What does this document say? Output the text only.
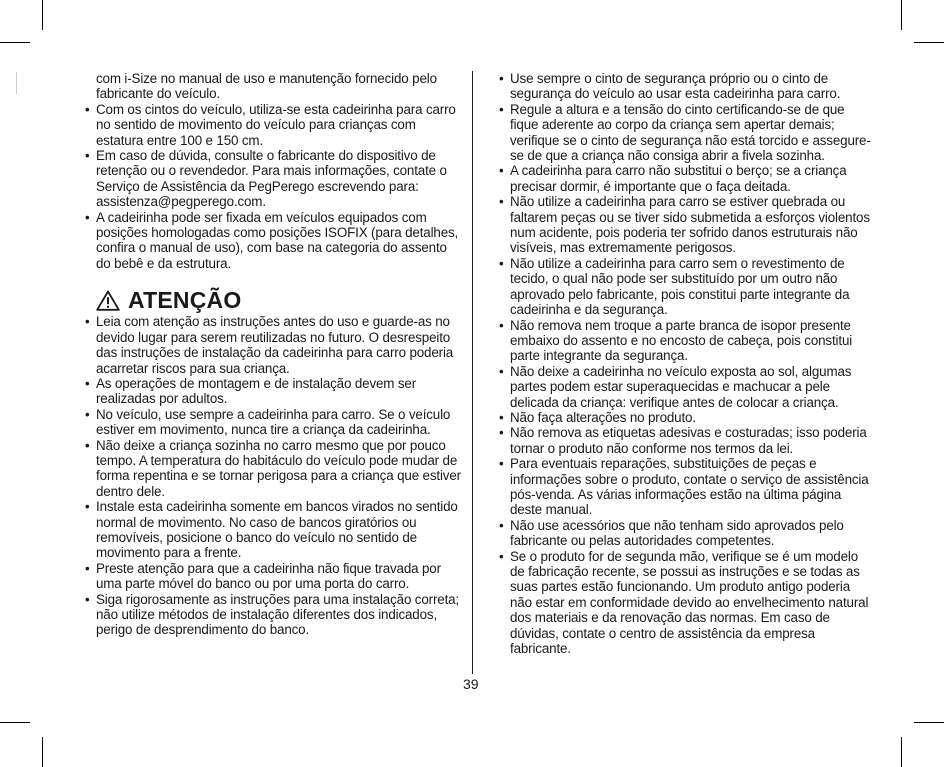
com i-Size no manual de uso e manutenção fornecido pelo fabricante do veículo.

• Com os cintos do veículo, utiliza-se esta cadeirinha para carro no sentido de movimento do veículo para crianças com estatura entre 100 e 150 cm.

• Em caso de dúvida, consulte o fabricante do dispositivo de retenção ou o revendedor. Para mais informações, contate o Serviço de Assistência da PegPerego escrevendo para: assistenza@pegperego.com.

• A cadeirinha pode ser fixada em veículos equipados com posições homologadas como posições ISOFIX (para detalhes, confira o manual de uso), com base na categoria do assento do bebê e da estrutura.

ATENÇÃO

• Leia com atenção as instruções antes do uso e guarde-as no devido lugar para serem reutilizadas no futuro. O desrespeito das instruções de instalação da cadeirinha para carro poderia acarretar riscos para sua criança.

• As operações de montagem e de instalação devem ser realizadas por adultos.

• No veículo, use sempre a cadeirinha para carro. Se o veículo estiver em movimento, nunca tire a criança da cadeirinha.

• Não deixe a criança sozinha no carro mesmo que por pouco tempo. A temperatura do habitáculo do veículo pode mudar de forma repentina e se tornar perigosa para a criança que estiver dentro dele.

• Instale esta cadeirinha somente em bancos virados no sentido normal de movimento. No caso de bancos giratórios ou removíveis, posicione o banco do veículo no sentido de movimento para a frente.

• Preste atenção para que a cadeirinha não fique travada por uma parte móvel do banco ou por uma porta do carro.

• Siga rigorosamente as instruções para uma instalação correta; não utilize métodos de instalação diferentes dos indicados, perigo de desprendimento do banco.

• Use sempre o cinto de segurança próprio ou o cinto de segurança do veículo ao usar esta cadeirinha para carro.

• Regule a altura e a tensão do cinto certificando-se de que fique aderente ao corpo da criança sem apertar demais; verifique se o cinto de segurança não está torcido e assegure-se de que a criança não consiga abrir a fivela sozinha.

• A cadeirinha para carro não substitui o berço; se a criança precisar dormir, é importante que o faça deitada.

• Não utilize a cadeirinha para carro se estiver quebrada ou faltarem peças ou se tiver sido submetida a esforços violentos num acidente, pois poderia ter sofrido danos estruturais não visíveis, mas extremamente perigosos.

• Não utilize a cadeirinha para carro sem o revestimento de tecido, o qual não pode ser substituído por um outro não aprovado pelo fabricante, pois constitui parte integrante da cadeirinha e da segurança.

• Não remova nem troque a parte branca de isopor presente embaixo do assento e no encosto de cabeça, pois constitui parte integrante da segurança.

• Não deixe a cadeirinha no veículo exposta ao sol, algumas partes podem estar superaquecidas e machucar a pele delicada da criança: verifique antes de colocar a criança.

• Não faça alterações no produto.

• Não remova as etiquetas adesivas e costuradas; isso poderia tornar o produto não conforme nos termos da lei.

• Para eventuais reparações, substituições de peças e informações sobre o produto, contate o serviço de assistência pós-venda. As várias informações estão na última página deste manual.

• Não use acessórios que não tenham sido aprovados pelo fabricante ou pelas autoridades competentes.

• Se o produto for de segunda mão, verifique se é um modelo de fabricação recente, se possui as instruções e se todas as suas partes estão funcionando. Um produto antigo poderia não estar em conformidade devido ao envelhecimento natural dos materiais e da renovação das normas. Em caso de dúvidas, contate o centro de assistência da empresa fabricante.

39
